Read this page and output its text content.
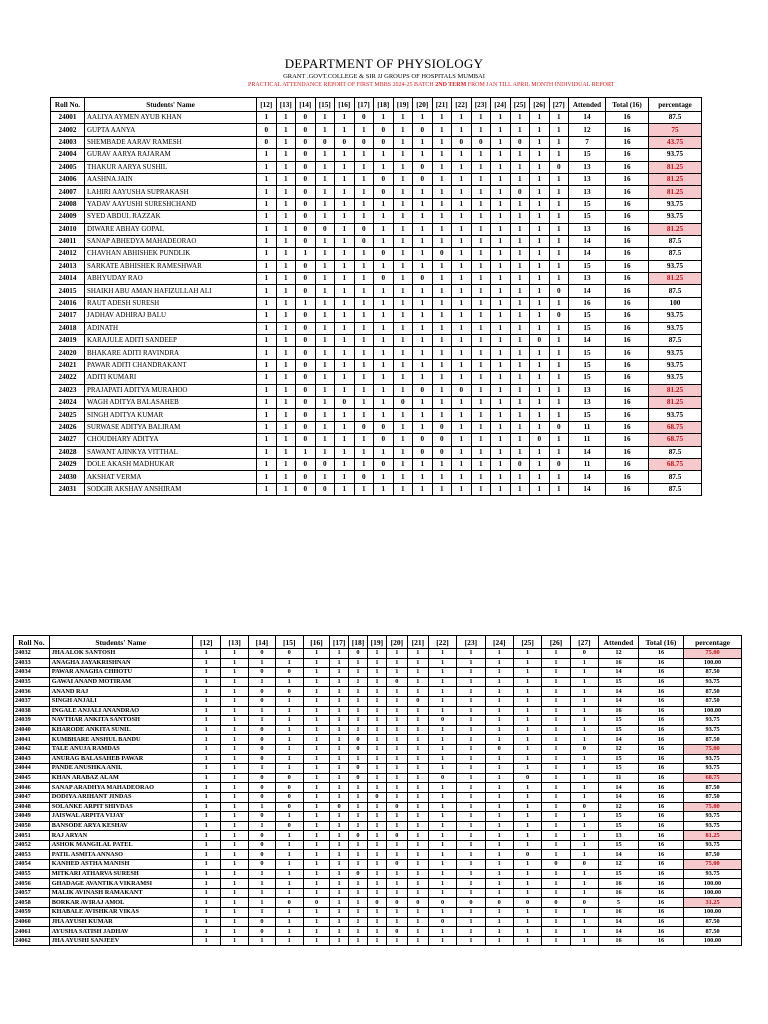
DEPARTMENT OF PHYSIOLOGY
GRANT .GOVT.COLLEGE & SIR JJ GROUPS OF HOSPITALS MUMBAI
PRACTICAL ATTENDANCE REPORT OF FIRST MBBS 2024-25 BATCH 2ND TERM FROM JAN TILL APRIL MONTH INDIVIDUAL REPORT
Roll No.	Students' Name	[12]	[13]	[14]	[15]	[16]	[17]	[18]	[19]	[20]	[21]	[22]	[23]	[24]	[25]	[26]	[27]	Attended	Total (16)	percentage
24001	AALIYA AYMEN AYUB KHAN	1	1	0	1	1	0	1	1	1	1	1	1	1	1	1	1	14	16	87.5
24002	GUPTA AANYA	0	1	0	1	1	1	0	1	0	1	1	1	1	1	1	1	12	16	75
24003	SHEMBADE AARAV RAMESH	0	1	0	0	0	0	0	1	1	1	0	0	1	0	1	1	7	16	43.75
24004	GURAV AARYA RAJARAM	1	1	0	1	1	1	1	1	1	1	1	1	1	1	1	1	15	16	93.75
24005	THAKUR AARYA SUSHIL	1	1	0	1	1	1	1	1	0	1	1	1	1	1	1	0	13	16	81.25
24006	AASHNA JAIN	1	1	0	1	1	1	0	1	0	1	1	1	1	1	1	1	13	16	81.25
24007	LAHIRI AAYUSHA SUPRAKASH	1	1	0	1	1	1	0	1	1	1	1	1	1	0	1	1	13	16	81.25
24008	YADAV AAYUSHI SURESHCHAND	1	1	0	1	1	1	1	1	1	1	1	1	1	1	1	1	15	16	93.75
24009	SYED ABDUL RAZZAK	1	1	0	1	1	1	1	1	1	1	1	1	1	1	1	1	15	16	93.75
24010	DIWARE ABHAY GOPAL	1	1	0	0	1	0	1	1	1	1	1	1	1	1	1	1	13	16	81.25
24011	SANAP ABHEDYA MAHADEORAO	1	1	0	1	1	0	1	1	1	1	1	1	1	1	1	1	14	16	87.5
24012	CHAVHAN ABHISHEK PUNDLIK	1	1	1	1	1	1	0	1	1	0	1	1	1	1	1	1	14	16	87.5
24013	SARKATE ABHISHEK RAMESHWAR	1	1	0	1	1	1	1	1	1	1	1	1	1	1	1	1	15	16	93.75
24014	ABHYUDAY RAO	1	1	0	1	1	1	0	1	0	1	1	1	1	1	1	1	13	16	81.25
24015	SHAIKH ABU AMAN HAFIZULLAH ALI	1	1	0	1	1	1	1	1	1	1	1	1	1	1	1	0	14	16	87.5
24016	RAUT ADESH SURESH	1	1	1	1	1	1	1	1	1	1	1	1	1	1	1	1	16	16	100
24017	JADHAV ADHIRAJ BALU	1	1	0	1	1	1	1	1	1	1	1	1	1	1	1	0	15	16	93.75
24018	ADINATH	1	1	0	1	1	1	1	1	1	1	1	1	1	1	1	1	15	16	93.75
24019	KARAJULE ADITI SANDEEP	1	1	0	1	1	1	1	1	1	1	1	1	1	1	0	1	14	16	87.5
24020	BHAKARE ADITI RAVINDRA	1	1	0	1	1	1	1	1	1	1	1	1	1	1	1	1	15	16	93.75
24021	PAWAR ADITI CHANDRAKANT	1	1	0	1	1	1	1	1	1	1	1	1	1	1	1	1	15	16	93.75
24022	ADITI KUMARI	1	1	0	1	1	1	1	1	1	1	1	1	1	1	1	1	15	16	93.75
24023	PRAJAPATI ADITYA MURAHOO	1	1	0	1	1	1	1	1	0	1	0	1	1	1	1	1	13	16	81.25
24024	WAGH ADITYA BALASAHEB	1	1	0	1	0	1	1	0	1	1	1	1	1	1	1	1	13	16	81.25
24025	SINGH ADITYA KUMAR	1	1	0	1	1	1	1	1	1	1	1	1	1	1	1	1	15	16	93.75
24026	SURWASE ADITYA BALIRAM	1	1	0	1	1	0	0	1	1	0	1	1	1	1	1	0	11	16	68.75
24027	CHOUDHARY ADITYA	1	1	0	1	1	1	0	1	0	0	1	1	1	1	0	1	11	16	68.75
24028	SAWANT AJINKYA VITTHAL	1	1	1	1	1	1	1	1	0	0	1	1	1	1	1	1	14	16	87.5
24029	DOLE AKASH MADHUKAR	1	1	0	0	1	1	0	1	1	1	1	1	1	0	1	0	11	16	68.75
24030	AKSHAT VERMA	1	1	0	1	1	0	1	1	1	1	1	1	1	1	1	1	14	16	87.5
24031	SODGIR AKSHAY ANSHIRAM	1	1	0	0	1	1	1	1	1	1	1	1	1	1	1	1	14	16	87.5
Roll No.	Students' Name	[12]	[13]	[14]	[15]	[16]	[17]	[18]	[19]	[20]	[21]	[22]	[23]	[24]	[25]	[26]	[27]	Attended	Total (16)	percentage
24032	JHA ALOK SANTOSH	1	1	0	0	1	1	0	1	1	1	1	1	1	1	1	0	12	16	75.00
24033	ANAGHA JAYAKRISHNAN	1	1	1	1	1	1	1	1	1	1	1	1	1	1	1	1	16	16	100.00
24034	PAWAR ANAGHA CHHOTU	1	1	0	0	1	1	1	1	1	1	1	1	1	1	1	1	14	16	87.50
24035	GAWAI ANAND MOTIRAM	1	1	1	1	1	1	1	1	0	1	1	1	1	1	1	1	15	16	93.75
24036	ANAND RAJ	1	1	0	0	1	1	1	1	1	1	1	1	1	1	1	1	14	16	87.50
24037	SINGH ANJALI	1	1	0	1	1	1	1	1	1	0	1	1	1	1	1	1	14	16	87.50
24038	INGALE ANJALI ANANDRAO	1	1	1	1	1	1	1	1	1	1	1	1	1	1	1	1	16	16	100.00
24039	NAVTHAR ANKITA SANTOSH	1	1	1	1	1	1	1	1	1	1	0	1	1	1	1	1	15	16	93.75
24040	KHARODE ANKITA SUNIL	1	1	0	1	1	1	1	1	1	1	1	1	1	1	1	1	15	16	93.75
24041	KUMBHARE ANSHUL BANDU	1	1	0	1	1	1	0	1	1	1	1	1	1	1	1	1	14	16	87.50
24042	TALE ANUJA RAMDAS	1	1	0	1	1	1	0	1	1	1	1	1	0	1	1	0	12	16	75.00
24043	ANURAG BALASAHEB PAWAR	1	1	0	1	1	1	1	1	1	1	1	1	1	1	1	1	15	16	93.75
24044	PANDE ANUSHKA ANIL	1	1	1	1	1	1	0	1	1	1	1	1	1	1	1	1	15	16	93.75
24045	KHAN ARABAZ ALAM	1	1	0	0	1	1	0	1	1	1	0	1	1	0	1	1	11	16	68.75
24046	SANAP ARADHYA MAHADEORAO	1	1	0	0	1	1	1	1	1	1	1	1	1	1	1	1	14	16	87.50
24047	DODIYA ARIHANT JINDAS	1	1	0	0	1	1	1	0	1	1	1	1	1	1	1	1	14	16	87.50
24048	SOLANKE ARPIT SHIVDAS	1	1	1	0	1	0	1	1	0	1	1	1	1	1	1	0	12	16	75.00
24049	JAISWAL ARPITA VIJAY	1	1	0	1	1	1	1	1	1	1	1	1	1	1	1	1	15	16	93.75
24050	BANSODE ARYA KESHAV	1	1	1	0	1	1	1	1	1	1	1	1	1	1	1	1	15	16	93.75
24051	RAJ ARYAN	1	1	0	1	1	1	0	1	0	1	1	1	1	1	1	1	13	16	81.25
24052	ASHOK MANGILAL PATEL	1	1	0	1	1	1	1	1	1	1	1	1	1	1	1	1	15	16	93.75
24053	PATIL ASMITA ANNASO	1	1	0	1	1	1	1	1	1	1	1	1	1	0	1	1	14	16	87.50
24054	KANHED ASTHA MANISH	1	1	0	1	1	1	1	1	0	1	1	1	1	1	0	0	12	16	75.00
24055	MITKARI ATHARVA SURESH	1	1	1	1	1	1	0	1	1	1	1	1	1	1	1	1	15	16	93.75
24056	GHADAGE AVANTIKA VIKRAMSI	1	1	1	1	1	1	1	1	1	1	1	1	1	1	1	1	16	16	100.00
24057	MALIK AVINASH RAMAKANT	1	1	1	1	1	1	1	1	1	1	1	1	1	1	1	1	16	16	100.00
24058	BORKAR AVIRAJ AMOL	1	1	1	0	0	1	1	0	0	0	0	0	0	0	0	0	5	16	31.25
24059	KHABALE AVISHKAR VIKAS	1	1	1	1	1	1	1	1	1	1	1	1	1	1	1	1	16	16	100.00
24060	JHA AYUSH KUMAR	1	1	0	1	1	1	1	1	1	1	0	1	1	1	1	1	14	16	87.50
24061	AYUSHA SATISH JADHAV	1	1	0	1	1	1	1	1	0	1	1	1	1	1	1	1	14	16	87.50
24062	JHA AYUSHI SANJEEV	1	1	1	1	1	1	1	1	1	1	1	1	1	1	1	1	16	16	100.00
